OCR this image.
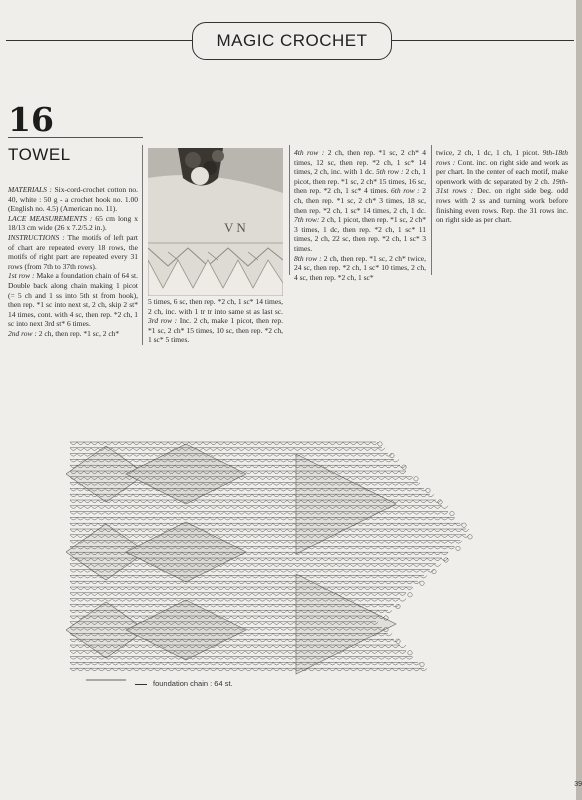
MAGIC CROCHET
16
TOWEL

MATERIALS : Six-cord-crochet cotton no. 40, white : 50 g - a crochet hook no. 1.00 (English no. 4.5) (American no. 11).

LACE MEASUREMENTS : 65 cm long x 18/13 cm wide (26 x 7.2/5.2 in.).

INSTRUCTIONS : The motifs of left part of chart are repeated every 18 rows, the motifs of right part are repeated every 31 rows (from 7th to 37th rows).

1st row : Make a foundation chain of 64 st. Double back along chain making 1 picot (= 5 ch and 1 ss into 5th st from hook), then rep. *1 sc into next st, 2 ch, skip 2 st* 14 times, cont. with 4 sc, then rep. *2 ch, 1 sc into next 3rd st* 6 times.

2nd row : 2 ch, then rep. *1 sc, 2 ch*

V N

5 times, 6 sc, then rep. *2 ch, 1 sc* 14 times, 2 ch, inc. with 1 tr tr into same st as last sc. 3rd row : Inc. 2 ch, make 1 picot, then rep. *1 sc, 2 ch* 15 times, 10 sc, then rep. *2 ch, 1 sc* 5 times.

4th row : 2 ch, then rep. *1 sc, 2 ch* 4 times, 12 sc, then rep. *2 ch, 1 sc* 14 times, 2 ch, inc. with 1 dc. 5th row : 2 ch, 1 picot, then rep. *1 sc, 2 ch* 15 times, 16 sc, then rep. *2 ch, 1 sc* 4 times. 6th row : 2 ch, then rep. *1 sc, 2 ch* 3 times, 18 sc, then rep. *2 ch, 1 sc* 14 times, 2 ch, 1 dc. 7th row: 2 ch, 1 picot, then rep. *1 sc, 2 ch* 3 times, 1 dc, then rep. *2 ch, 1 sc* 11 times, 2 ch, 22 sc, then rep. *2 ch, 1 sc* 3 times.

8th row : 2 ch, then rep. *1 sc, 2 ch* twice, 24 sc, then rep. *2 ch, 1 sc* 10 times, 2 ch, 4 sc, then rep. *2 ch, 1 sc*

twice, 2 ch, 1 dc, 1 ch, 1 picot. 9th-18th rows : Cont. inc. on right side and work as per chart. In the center of each motif, make openwork with dc separated by 2 ch. 19th-31st rows : Dec. on right side beg. odd rows with 2 ss and turning work before finishing even rows. Rep. the 31 rows inc. on right side as per chart.

foundation chain : 64 st.
39
